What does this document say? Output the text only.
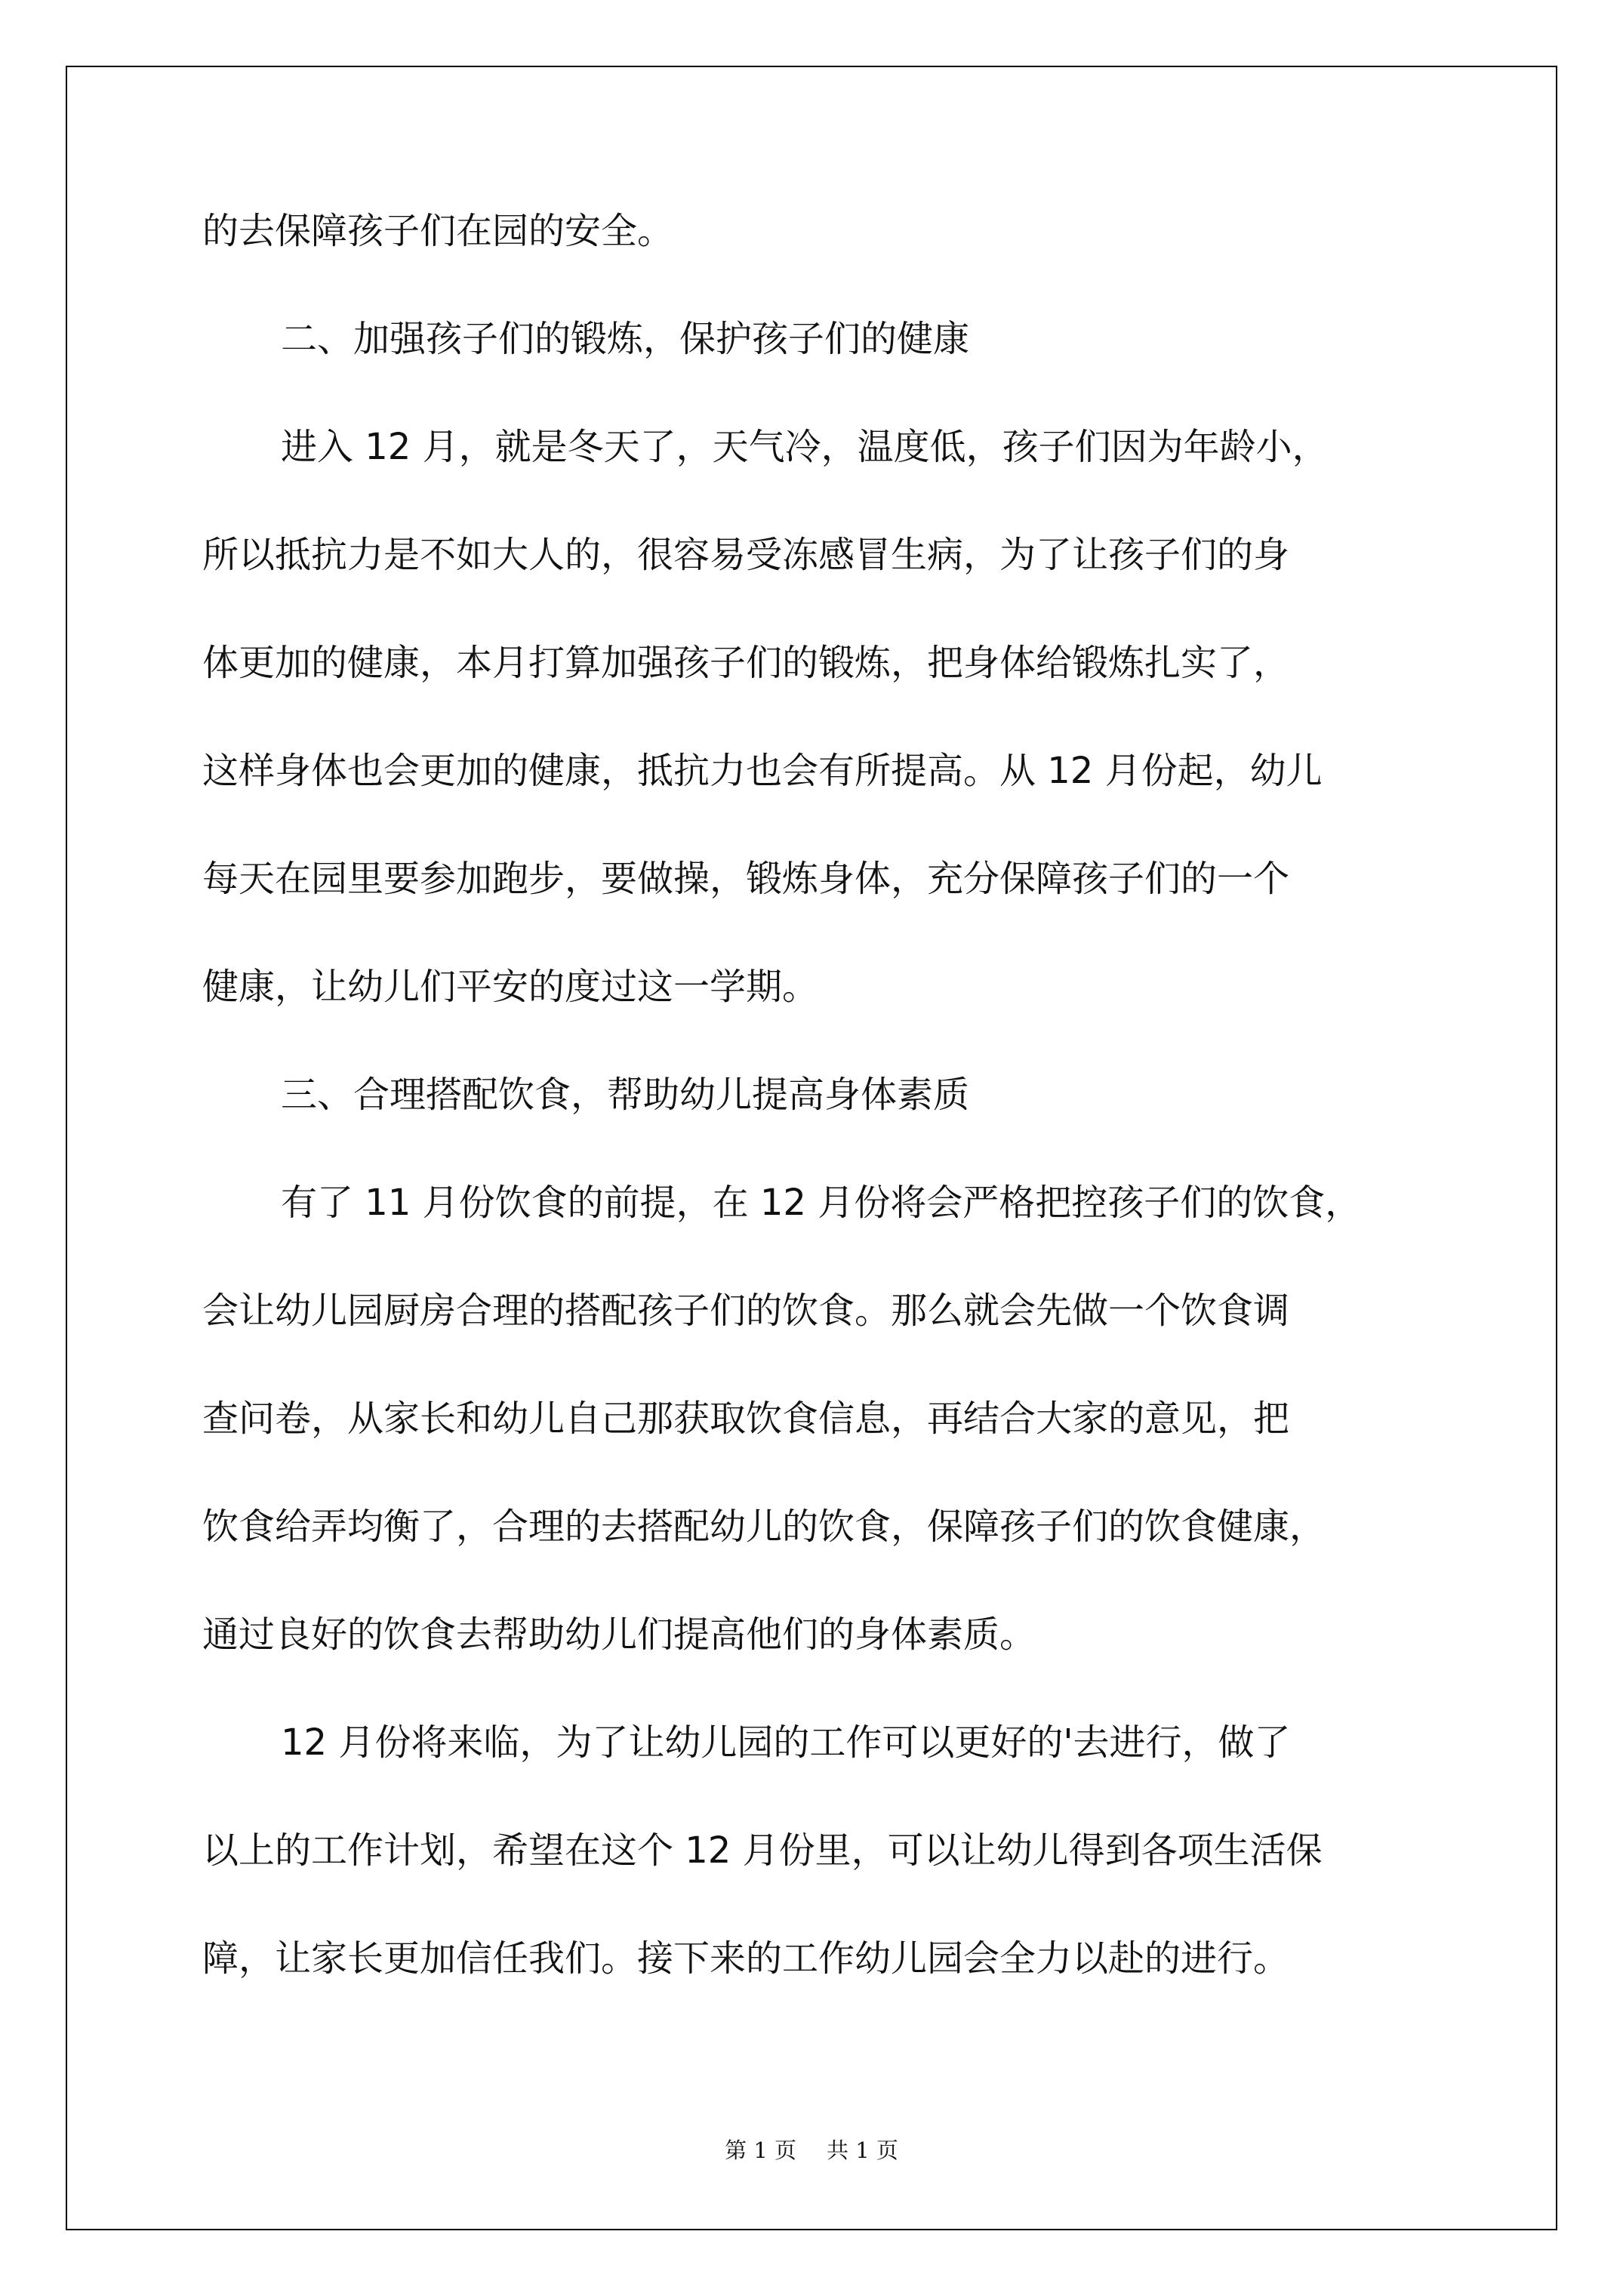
的去保障孩子们在园的安全。
二、加强孩子们的锻炼，保护孩子们的健康
进入 12 月，就是冬天了，天气冷，温度低，孩子们因为年龄小，
所以抵抗力是不如大人的，很容易受冻感冒生病，为了让孩子们的身
体更加的健康，本月打算加强孩子们的锻炼，把身体给锻炼扎实了，
这样身体也会更加的健康，抵抗力也会有所提高。从 12 月份起，幼儿
每天在园里要参加跑步，要做操，锻炼身体，充分保障孩子们的一个
健康，让幼儿们平安的度过这一学期。
三、合理搭配饮食，帮助幼儿提高身体素质
有了 11 月份饮食的前提，在 12 月份将会严格把控孩子们的饮食，
会让幼儿园厨房合理的搭配孩子们的饮食。那么就会先做一个饮食调
查问卷，从家长和幼儿自己那获取饮食信息，再结合大家的意见，把
饮食给弄均衡了，合理的去搭配幼儿的饮食，保障孩子们的饮食健康，
通过良好的饮食去帮助幼儿们提高他们的身体素质。
12 月份将来临，为了让幼儿园的工作可以更好的'去进行，做了
以上的工作计划，希望在这个 12 月份里，可以让幼儿得到各项生活保
障，让家长更加信任我们。接下来的工作幼儿园会全力以赴的进行。
第 1 页 共 1 页
